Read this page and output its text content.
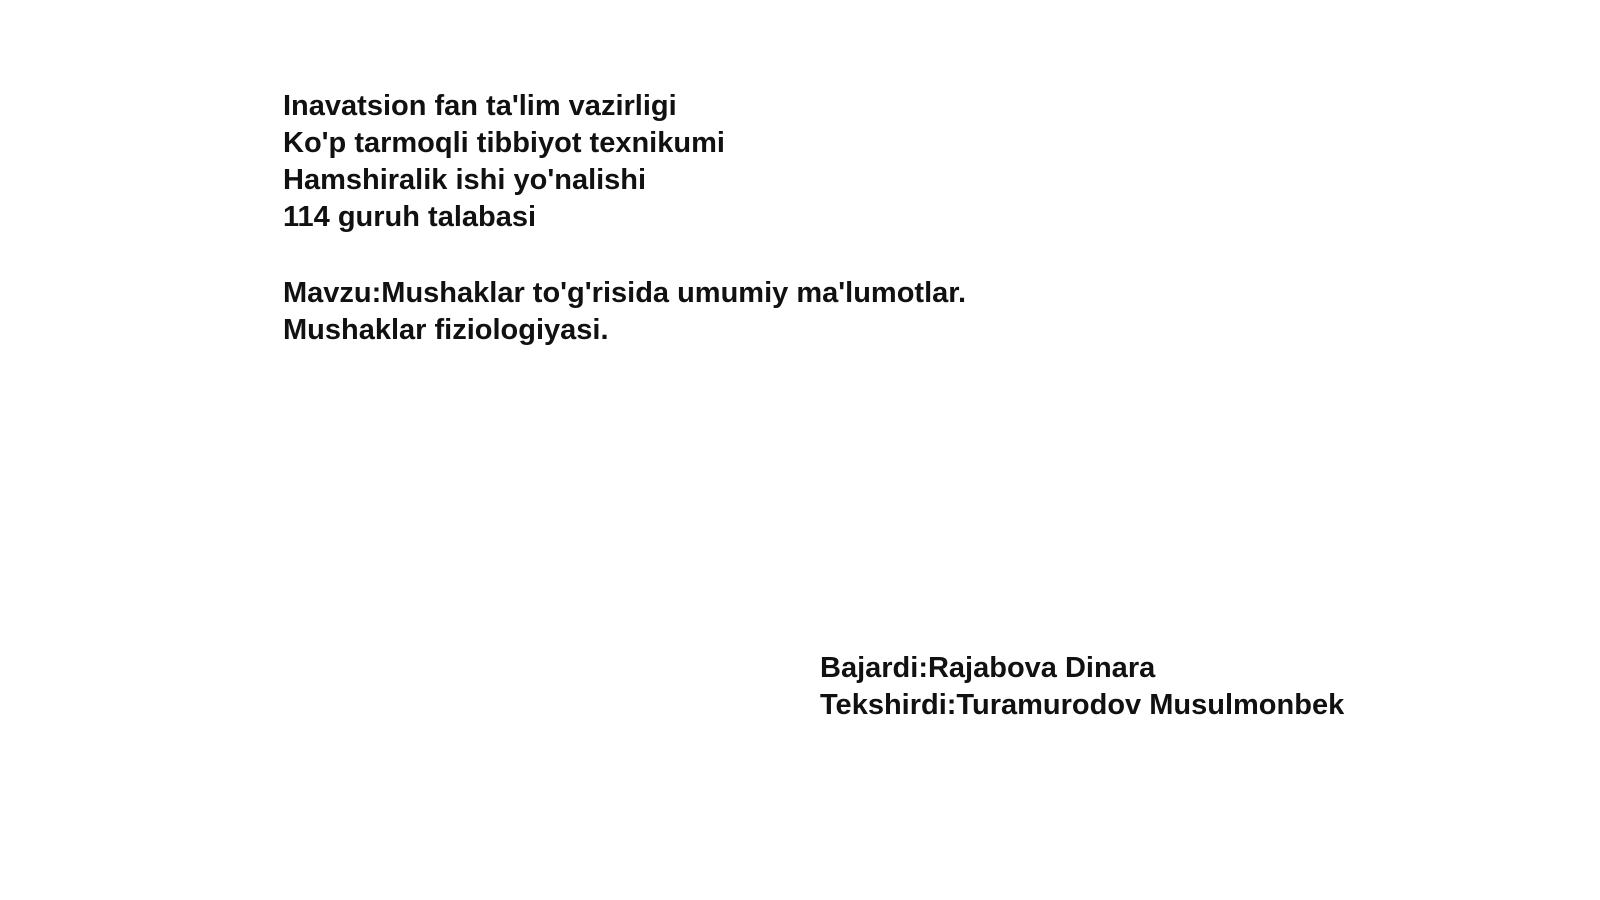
Inavatsion fan ta'lim vazirligi
Ko'p tarmoqli tibbiyot texnikumi
Hamshiralik ishi yo'nalishi
114 guruh talabasi
Mavzu:Mushaklar to'g'risida umumiy ma'lumotlar.
Mushaklar fiziologiyasi.
Bajardi:Rajabova Dinara
Tekshirdi:Turamurodov Musulmonbek
